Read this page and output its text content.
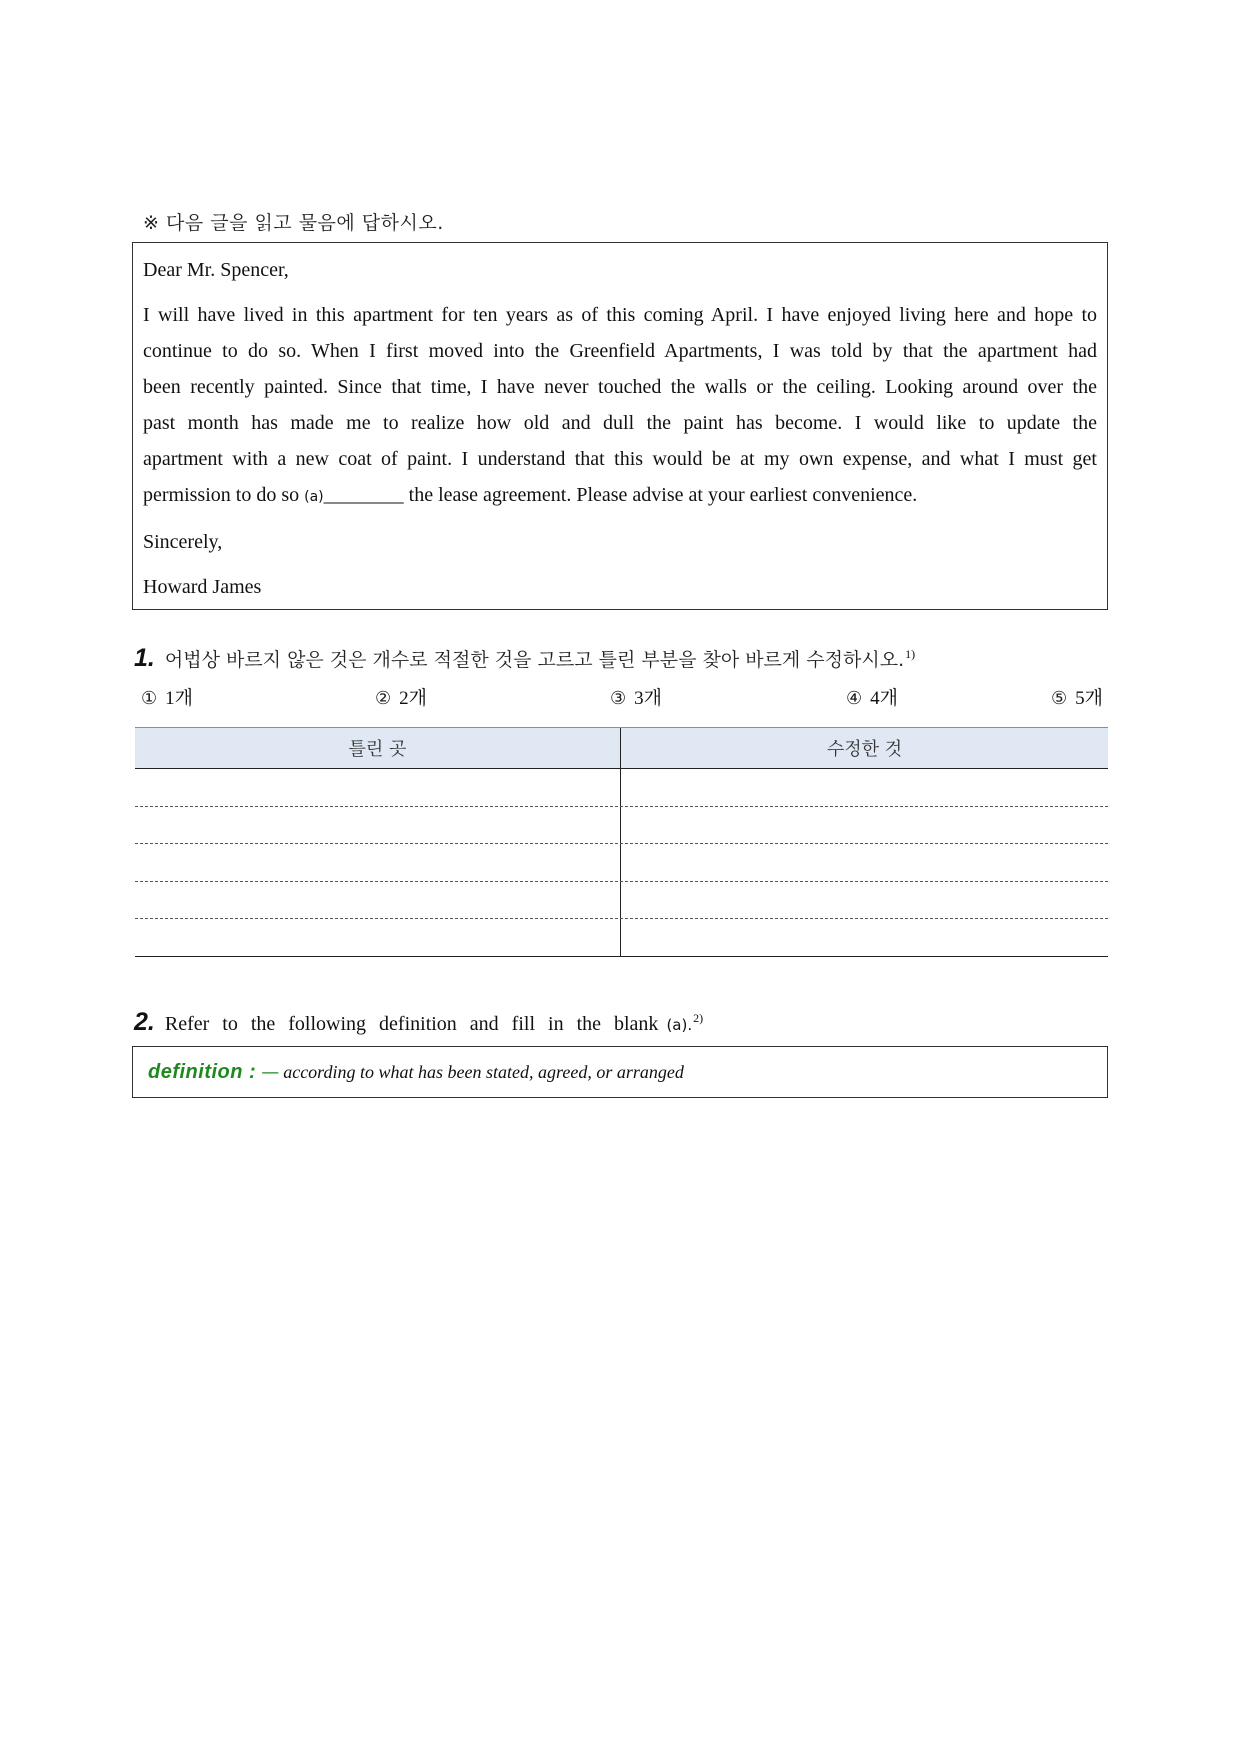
※ 다음 글을 읽고 물음에 답하시오.

Dear Mr. Spencer,

I will have lived in this apartment for ten years as of this coming April. I have enjoyed living here and hope to
continue to do so. When I first moved into the Greenfield Apartments, I was told by that the apartment had
been recently painted. Since that time, I have never touched the walls or the ceiling. Looking around over the
past month has made me to realize how old and dull the paint has become. I would like to update the
apartment with a new coat of paint. I understand that this would be at my own expense, and what I must get
permission to do so (a)________ the lease agreement. Please advise at your earliest convenience.

Sincerely,

Howard James

1. 어법상 바르지 않은 것은 개수로 적절한 것을 고르고 틀린 부분을 찾아 바르게 수정하시오. 1)
① 1개	② 2개	③ 3개	④ 4개	⑤ 5개
틀린 곳	수정한 것
2. Refer to the following definition and fill in the blank (a). 2)
definition : — according to what has been stated, agreed, or arranged
